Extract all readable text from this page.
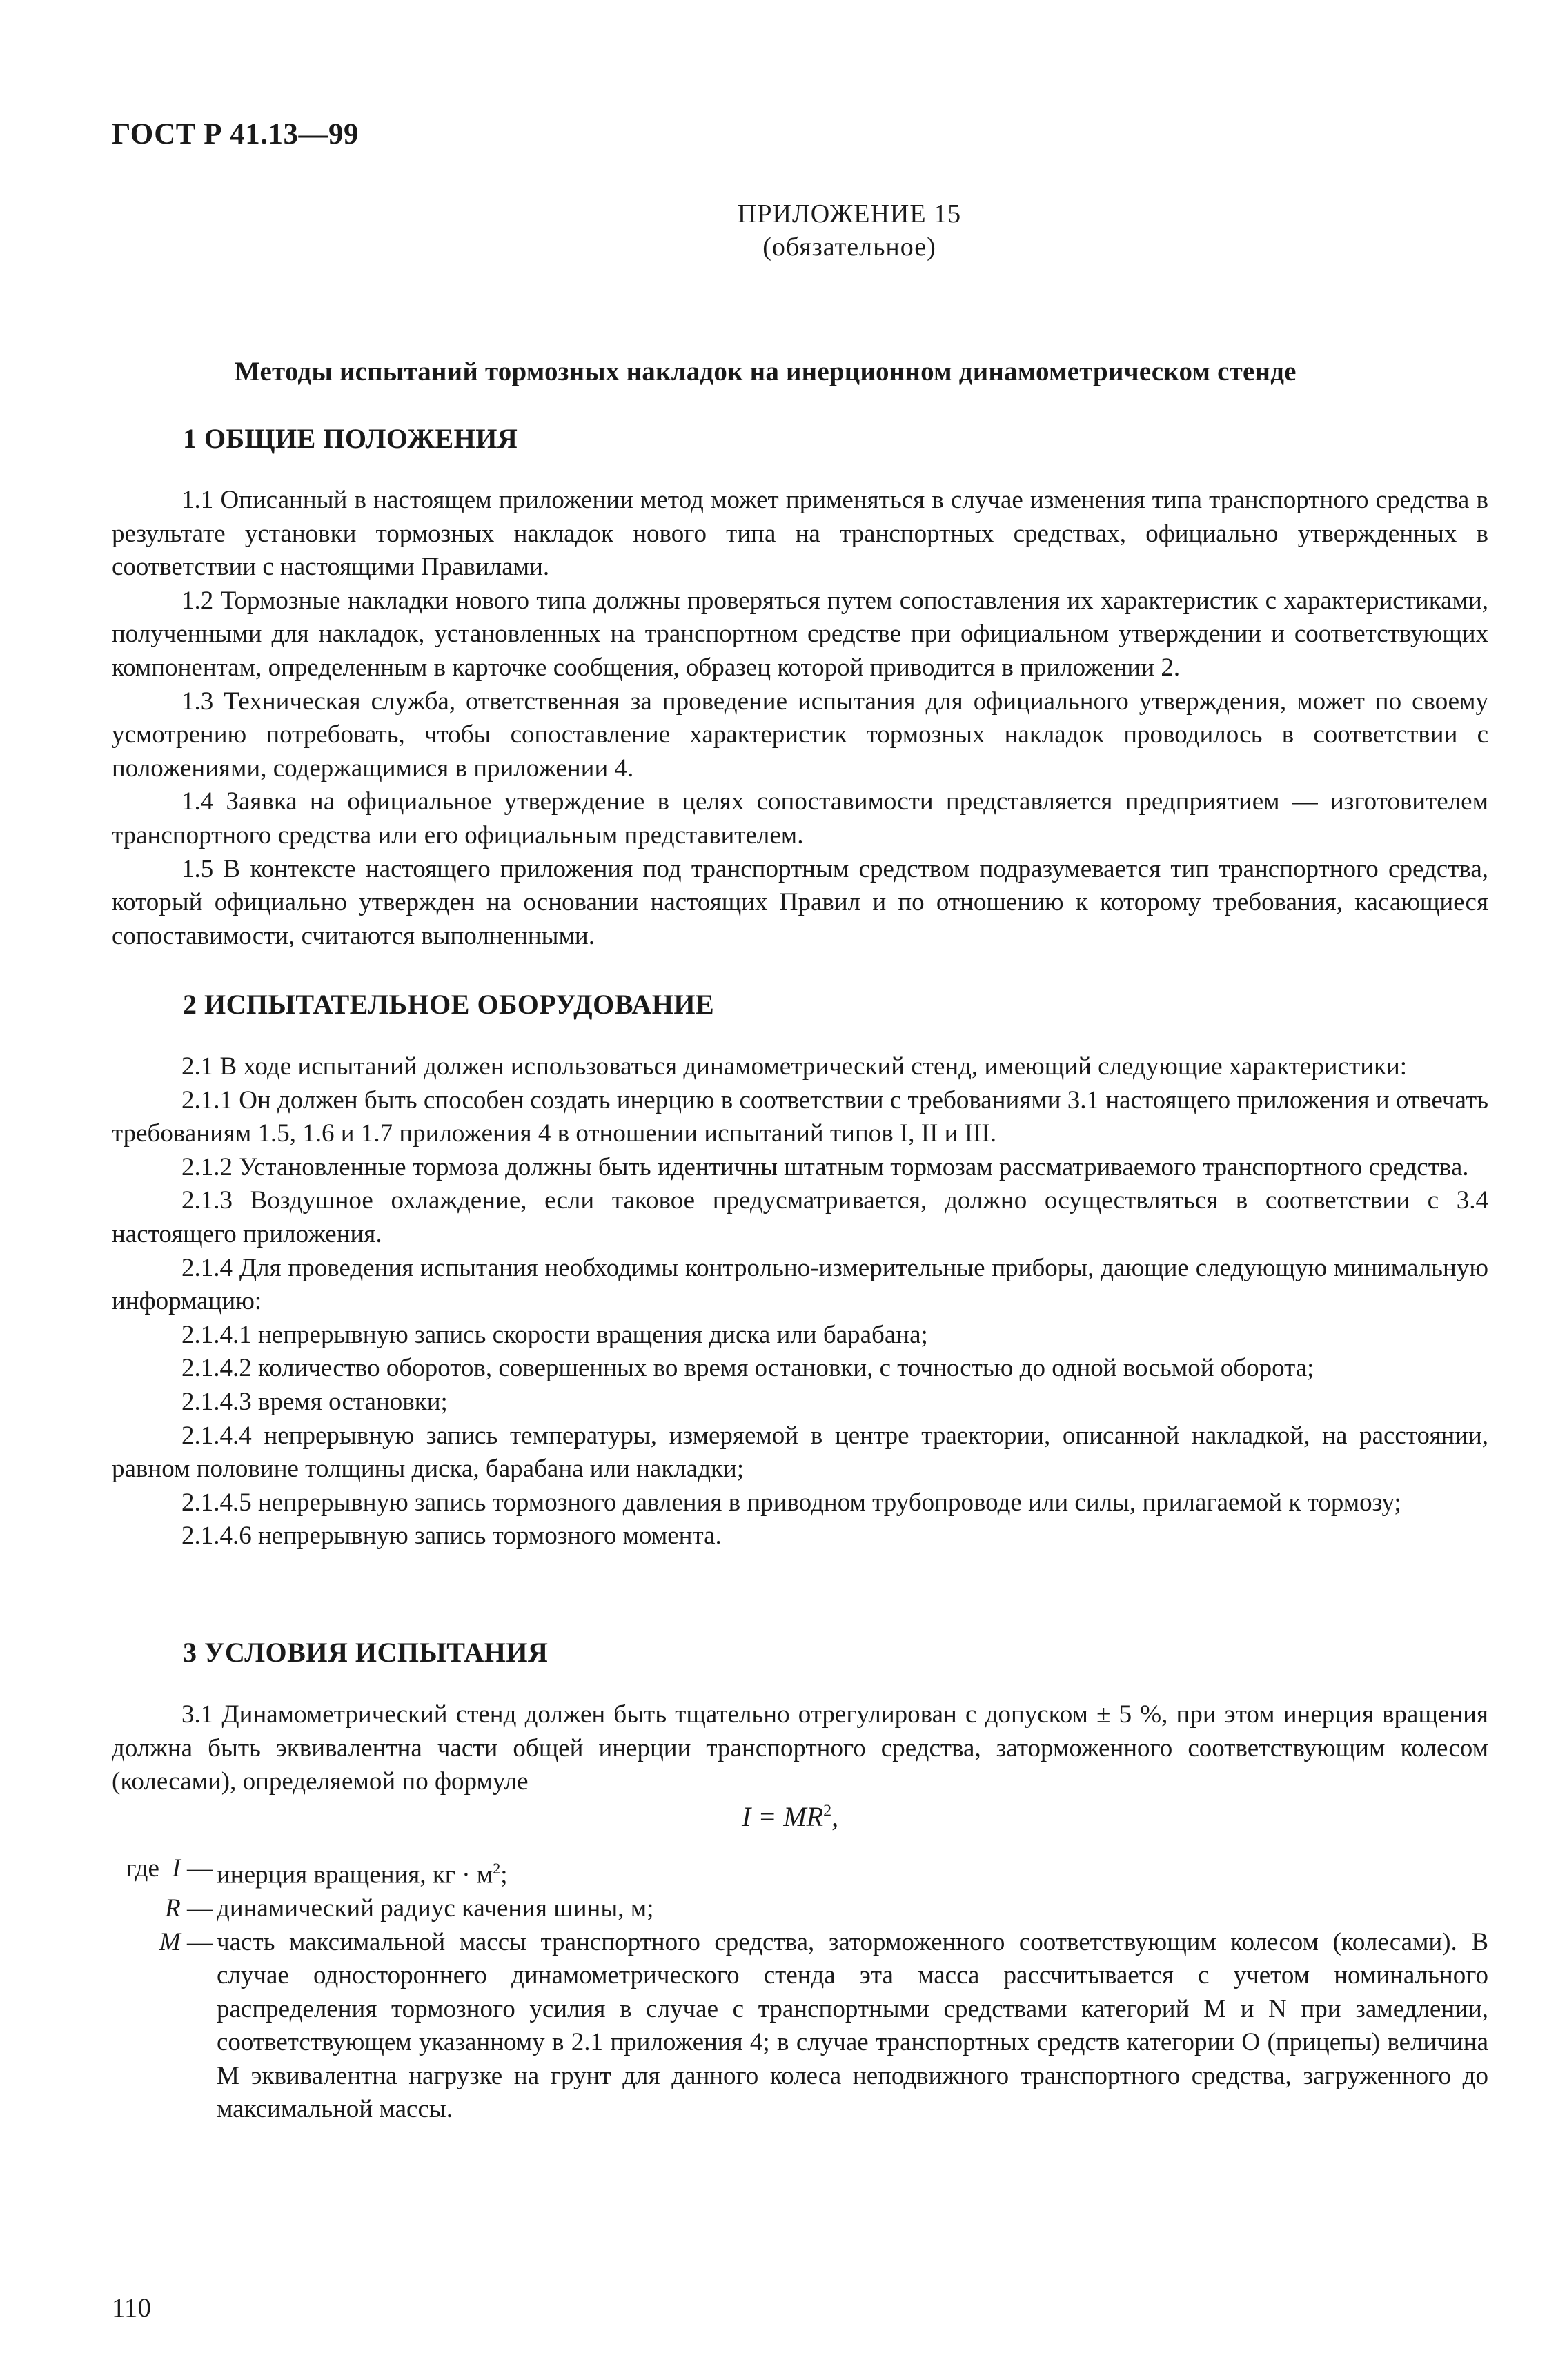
ГОСТ Р 41.13—99
ПРИЛОЖЕНИЕ 15
(обязательное)
Методы испытаний тормозных накладок на инерционном динамометрическом стенде
1 ОБЩИЕ ПОЛОЖЕНИЯ

1.1 Описанный в настоящем приложении метод может применяться в случае изменения типа транспортного средства в результате установки тормозных накладок нового типа на транспортных средствах, официально утвержденных в соответствии с настоящими Правилами.

1.2 Тормозные накладки нового типа должны проверяться путем сопоставления их характеристик с характеристиками, полученными для накладок, установленных на транспортном средстве при официальном утверждении и соответствующих компонентам, определенным в карточке сообщения, образец которой приводится в приложении 2.

1.3 Техническая служба, ответственная за проведение испытания для официального утверждения, может по своему усмотрению потребовать, чтобы сопоставление характеристик тормозных накладок проводилось в соответствии с положениями, содержащимися в приложении 4.

1.4 Заявка на официальное утверждение в целях сопоставимости представляется предприятием — изготовителем транспортного средства или его официальным представителем.

1.5 В контексте настоящего приложения под транспортным средством подразумевается тип транспортного средства, который официально утвержден на основании настоящих Правил и по отношению к которому требования, касающиеся сопоставимости, считаются выполненными.

2 ИСПЫТАТЕЛЬНОЕ ОБОРУДОВАНИЕ

2.1 В ходе испытаний должен использоваться динамометрический стенд, имеющий следующие характеристики:

2.1.1 Он должен быть способен создать инерцию в соответствии с требованиями 3.1 настоящего приложения и отвечать требованиям 1.5, 1.6 и 1.7 приложения 4 в отношении испытаний типов I, II и III.

2.1.2 Установленные тормоза должны быть идентичны штатным тормозам рассматриваемого транспортного средства.

2.1.3 Воздушное охлаждение, если таковое предусматривается, должно осуществляться в соответствии с 3.4 настоящего приложения.

2.1.4 Для проведения испытания необходимы контрольно-измерительные приборы, дающие следующую минимальную информацию:

2.1.4.1 непрерывную запись скорости вращения диска или барабана;

2.1.4.2 количество оборотов, совершенных во время остановки, с точностью до одной восьмой оборота;

2.1.4.3 время остановки;

2.1.4.4 непрерывную запись температуры, измеряемой в центре траектории, описанной накладкой, на расстоянии, равном половине толщины диска, барабана или накладки;

2.1.4.5 непрерывную запись тормозного давления в приводном трубопроводе или силы, прилагаемой к тормозу;

2.1.4.6 непрерывную запись тормозного момента.

3 УСЛОВИЯ ИСПЫТАНИЯ

3.1 Динамометрический стенд должен быть тщательно отрегулирован с допуском ± 5 %, при этом инерция вращения должна быть эквивалентна части общей инерции транспортного средства, заторможенного соответствующим колесом (колесами), определяемой по формуле

$I = MR^2$,
где I — инерция вращения, кг · $м^2$;
R — динамический радиус качения шины, м;
M — часть максимальной массы транспортного средства, заторможенного соответствующим колесом (колесами). В случае одностороннего динамометрического стенда эта масса рассчитывается с учетом номинального распределения тормозного усилия в случае с транспортными средствами категорий M и N при замедлении, соответствующем указанному в 2.1 приложения 4; в случае транспортных средств категории O (прицепы) величина M эквивалентна нагрузке на грунт для данного колеса неподвижного транспортного средства, загруженного до максимальной массы.
110
